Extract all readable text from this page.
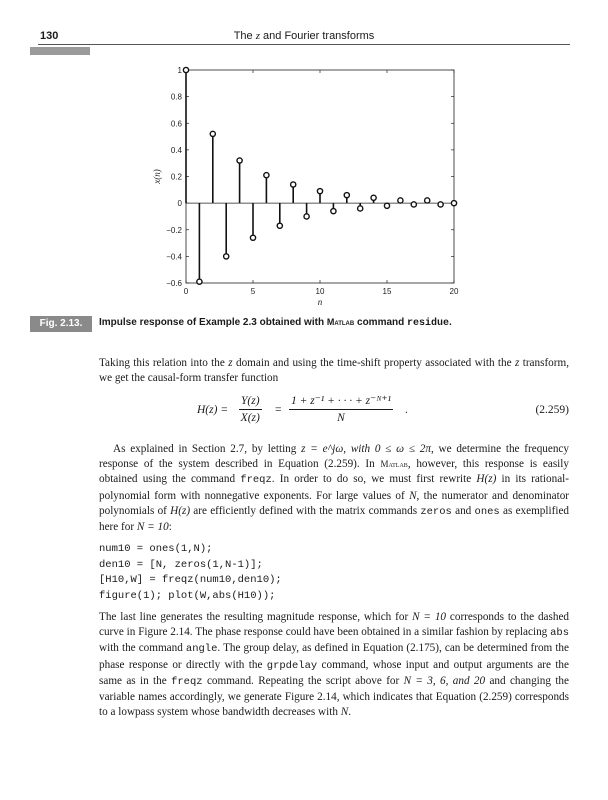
130	The z and Fourier transforms
0	5	10	15	20
−0.6
−0.4
−0.2
0
0.2
0.4
0.6
0.8
1
n
x(n)
Fig. 2.13.	Impulse response of Example 2.3 obtained with Matlab command residue.

Taking this relation into the z domain and using the time-shift property associated with the z transform, we get the causal-form transfer function

$H(z) = \frac{Y(z)}{X(z)} = \frac{\text{1 + z⁻¹ + · · · + z⁻ᴺ⁺¹}}{N}$ .	(2.259)

As explained in Section 2.7, by letting z = e^jω, with 0 ≤ ω ≤ 2π, we determine the frequency response of the system described in Equation (2.259). In Matlab, however, this response is easily obtained using the command freqz. In order to do so, we must first rewrite H(z) in its rational-polynomial form with nonnegative exponents. For large values of N, the numerator and denominator polynomials of H(z) are efficiently defined with the matrix commands zeros and ones as exemplified here for N = 10:

num10 = ones(1,N);
den10 = [N, zeros(1,N-1)];
[H10,W] = freqz(num10,den10);
figure(1); plot(W,abs(H10));

The last line generates the resulting magnitude response, which for N = 10 corresponds to the dashed curve in Figure 2.14. The phase response could have been obtained in a similar fashion by replacing abs with the command angle. The group delay, as defined in Equation (2.175), can be determined from the phase response or directly with the grpdelay command, whose input and output arguments are the same as in the freqz command. Repeating the script above for N = 3, 6, and 20 and changing the variable names accordingly, we generate Figure 2.14, which indicates that Equation (2.259) corresponds to a lowpass system whose bandwidth decreases with N.
